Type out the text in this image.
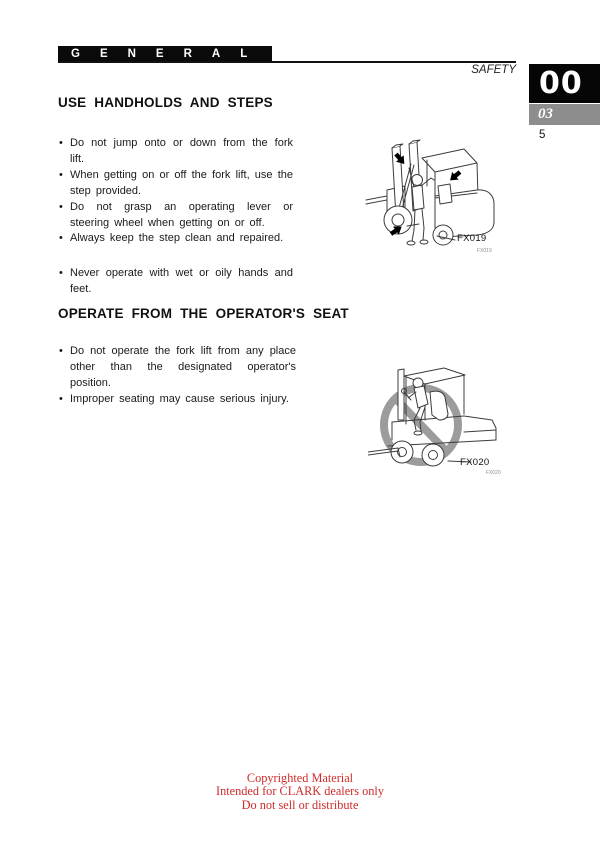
GENERAL
SAFETY 00
03
5
USE HANDHOLDS AND STEPS
• Do not jump onto or down from the fork lift.
• When getting on or off the fork lift, use the step provided.
• Do not grasp an operating lever or steering wheel when getting on or off.
• Always keep the step clean and repaired.
• Never operate with wet or oily hands and feet.
FX019
FX019
OPERATE FROM THE OPERATOR'S SEAT
• Do not operate the fork lift from any place other than the designated operator's position.
• Improper seating may cause serious injury.
FX020
FX020
Copyrighted Material
Intended for CLARK dealers only
Do not sell or distribute
